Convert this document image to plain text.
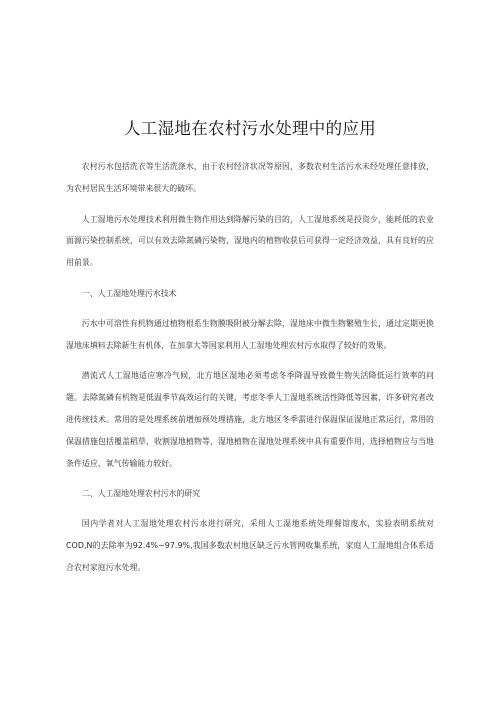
人工湿地在农村污水处理中的应用

农村污水包括洗衣等生活洗涤水，由于农村经济状况等原因，多数农村生活污水未经处理任意排放，为农村居民生活环境带来很大的破坏。

人工湿地污水处理技术利用微生物作用达到降解污染的目的，人工湿地系统是投资少，能耗低的农业面源污染控制系统，可以有效去除氮磷污染物，湿地内的植物收获后可获得一定经济效益，具有良好的应用前景。

一、人工湿地处理污水技术

污水中可溶性有机物通过植物根系生物膜吸附被分解去除，湿地床中微生物繁殖生长，通过定期更换湿地床填料去除新生有机体，在加拿大等国家利用人工湿地处理农村污水取得了较好的效果。

潜流式人工湿地适应寒冷气候，北方地区湿地必须考虑冬季降温导致微生物失活降低运行效率的问题。去除氮磷有机物是低温季节高效运行的关键，考虑冬季人工湿地系统活性降低等因素，许多研究者改进传统技术。常用的是处理系统前增加预处理措施，北方地区冬季需进行保温保证湿地正常运行，常用的保温措施包括覆盖稻草，收割湿地植物等，湿地植物在湿地处理系统中具有重要作用，选择植物应与当地条件适应，氧气传输能力较好。

二、人工湿地处理农村污水的研究

国内学者对人工湿地处理农村污水进行研究，采用人工湿地系统处理餐馆废水，实验表明系统对COD,N的去除率为92.4%~97.9%,我国多数农村地区缺乏污水管网收集系统，家庭人工湿地组合体系适合农村家庭污水处理。
